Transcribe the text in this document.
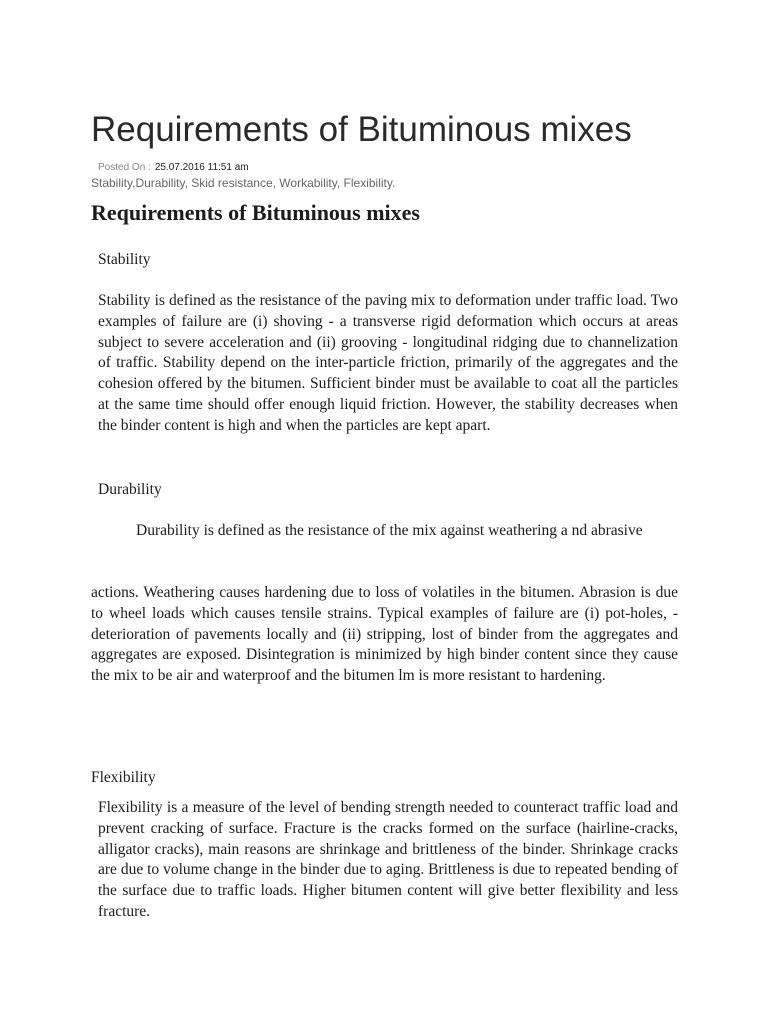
Requirements of Bituminous mixes
Posted On : 25.07.2016 11:51 am
Stability,Durability, Skid resistance, Workability, Flexibility.
Requirements of Bituminous mixes
Stability

Stability is defined as the resistance of the paving mix to deformation under traffic load. Two examples of failure are (i) shoving - a transverse rigid deformation which occurs at areas subject to severe acceleration and (ii) grooving - longitudinal ridging due to channelization of traffic. Stability depend on the inter-particle friction, primarily of the aggregates and the cohesion offered by the bitumen. Sufficient binder must be available to coat all the particles at the same time should offer enough liquid friction. However, the stability decreases when the binder content is high and when the particles are kept apart.

Durability

Durability is defined as the resistance of the mix against weathering a nd abrasive

actions. Weathering causes hardening due to loss of volatiles in the bitumen. Abrasion is due to wheel loads which causes tensile strains. Typical examples of failure are (i) pot-holes, - deterioration of pavements locally and (ii) stripping, lost of binder from the aggregates and aggregates are exposed. Disintegration is minimized by high binder content since they cause the mix to be air and waterproof and the bitumen lm is more resistant to hardening.

Flexibility

Flexibility is a measure of the level of bending strength needed to counteract traffic load and prevent cracking of surface. Fracture is the cracks formed on the surface (hairline-cracks, alligator cracks), main reasons are shrinkage and brittleness of the binder. Shrinkage cracks are due to volume change in the binder due to aging. Brittleness is due to repeated bending of the surface due to traffic loads. Higher bitumen content will give better flexibility and less fracture.
